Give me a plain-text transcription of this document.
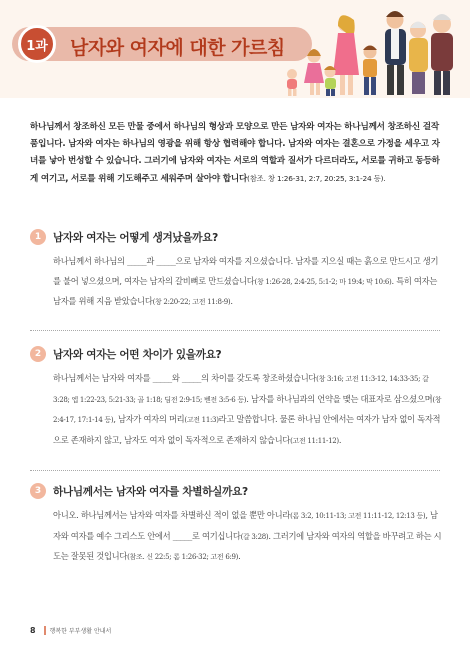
1과	남자와 여자에 대한 가르침

하나님께서 창조하신 모든 만물 중에서 하나님의 형상과 모양으로 만든 남자와 여자는 하나님께서 창조하신 걸작품입니다. 남자와 여자는 하나님의 영광을 위해 항상 협력해야 합니다. 남자와 여자는 결혼으로 가정을 세우고 자녀를 낳아 번성할 수 있습니다. 그러기에 남자와 여자는 서로의 역할과 질서가 다르더라도, 서로를 귀하고 동등하게 여기고, 서로를 위해 기도해주고 세워주며 살아야 합니다(참조. 창 1:26-31, 2:7, 20:25, 3:1-24 등).

1	남자와 여자는 어떻게 생겨났을까요?

하나님께서 하나님의 _____과 _____으로 남자와 여자를 지으셨습니다. 남자를 지으실 때는 흙으로 만드시고 생기를 불어 넣으셨으며, 여자는 남자의 갈비뼈로 만드셨습니다(창 1:26-28, 2:4-25, 5:1-2; 마 19:4; 막 10:6). 특히 여자는 남자를 위해 지음 받았습니다(창 2:20-22; 고전 11:8-9).

2	남자와 여자는 어떤 차이가 있을까요?

하나님께서는 남자와 여자를 _____와 _____의 차이를 갖도록 창조하셨습니다(창 3:16; 고전 11:3-12, 14:33-35; 갈 3:28; 엡 1:22-23, 5:21-33; 골 1:18; 딤전 2:9-15; 벧전 3:5-6 등). 남자를 하나님과의 언약을 맺는 대표자로 삼으셨으며(창 2:4-17, 17:1-14 등), 남자가 여자의 머리(고전 11:3)라고 말씀합니다. 물론 하나님 안에서는 여자가 남자 없이 독자적으로 존재하지 않고, 남자도 여자 없이 독자적으로 존재하지 않습니다(고전 11:11-12).

3	하나님께서는 남자와 여자를 차별하실까요?

아니오. 하나님께서는 남자와 여자를 차별하신 적이 없을 뿐만 아니라(롬 3:2, 10:11-13; 고전 11:11-12, 12:13 등), 남자와 여자를 예수 그리스도 안에서 _____로 여기십니다(갈 3:28). 그러기에 남자와 여자의 역할을 바꾸려고 하는 시도는 잘못된 것입니다(참조. 신 22:5; 롬 1:26-32; 고전 6:9).

8 행복한 부부생활 안내서
